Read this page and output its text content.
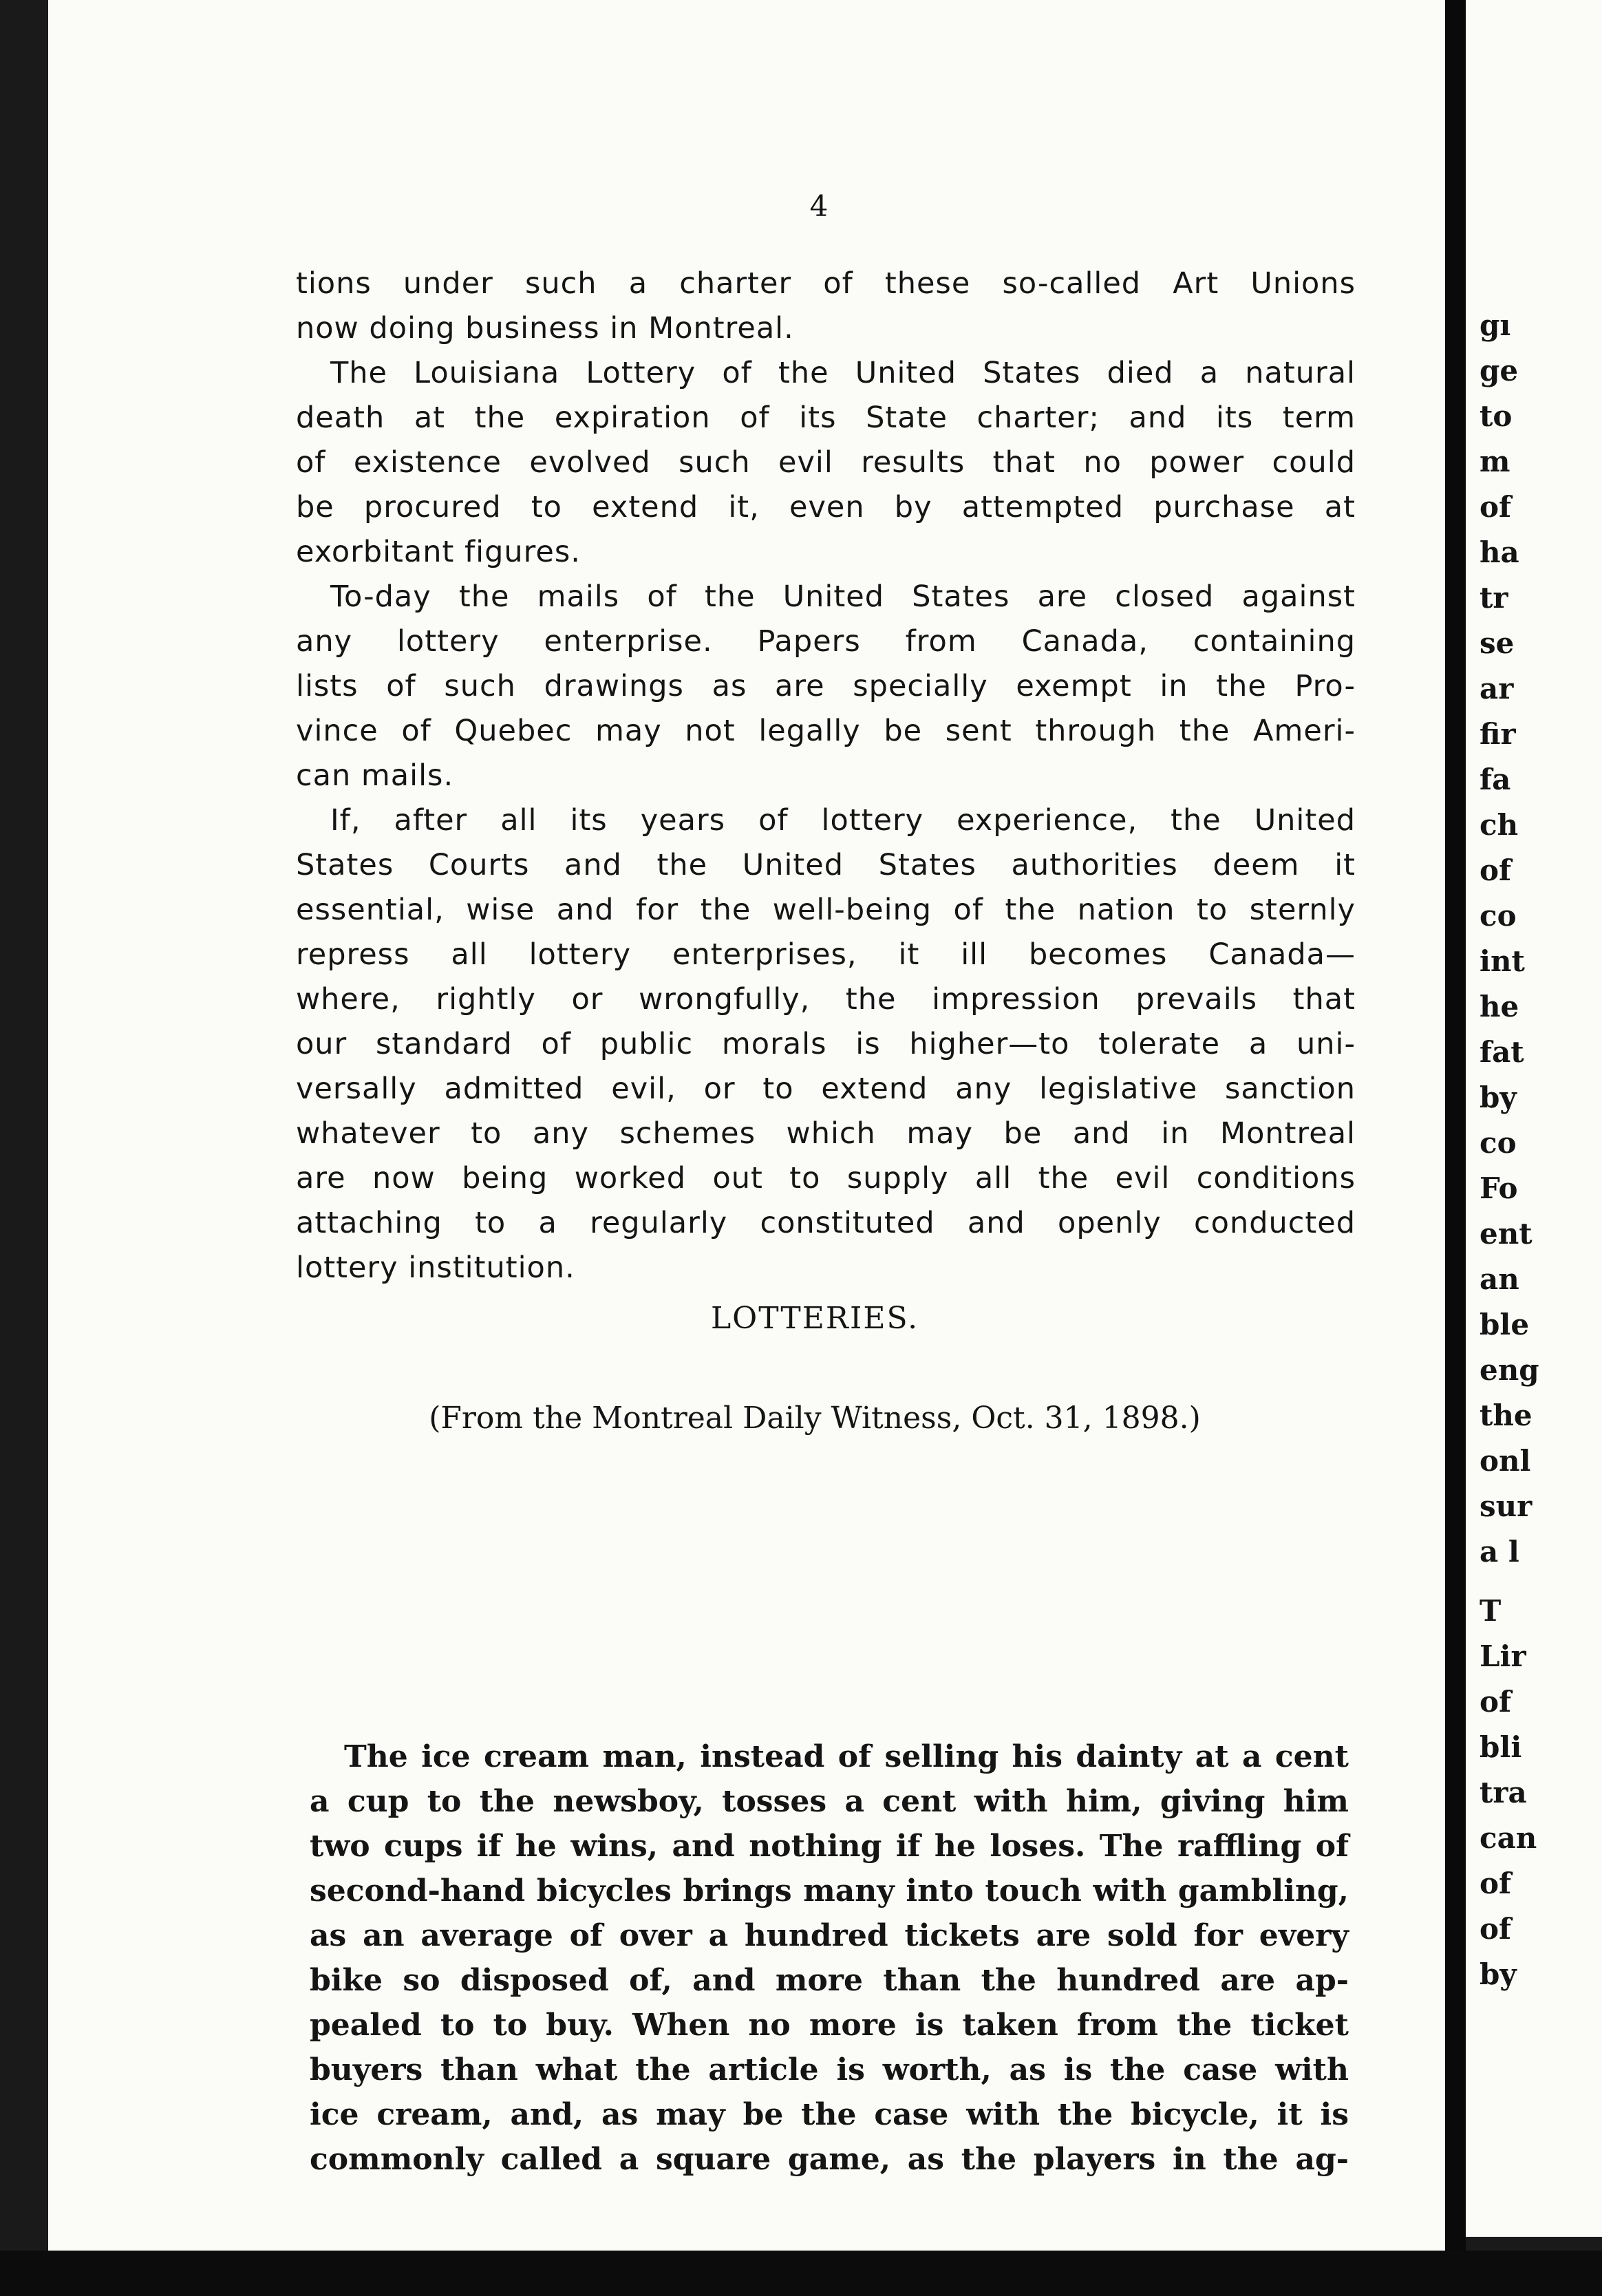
4

tions under such a charter of these so-called Art Unions
now doing business in Montreal.

The Louisiana Lottery of the United States died a natural
death at the expiration of its State charter; and its term
of existence evolved such evil results that no power could
be procured to extend it, even by attempted purchase at
exorbitant figures.

To-day the mails of the United States are closed against
any lottery enterprise. Papers from Canada, containing
lists of such drawings as are specially exempt in the Pro-
vince of Quebec may not legally be sent through the Ameri-
can mails.

If, after all its years of lottery experience, the United
States Courts and the United States authorities deem it
essential, wise and for the well-being of the nation to sternly
repress all lottery enterprises, it ill becomes Canada—
where, rightly or wrongfully, the impression prevails that
our standard of public morals is higher—to tolerate a uni-
versally admitted evil, or to extend any legislative sanction
whatever to any schemes which may be and in Montreal
are now being worked out to supply all the evil conditions
attaching to a regularly constituted and openly conducted
lottery institution.

LOTTERIES.
(From the Montreal Daily Witness, Oct. 31, 1898.)

The ice cream man, instead of selling his dainty at a cent
a cup to the newsboy, tosses a cent with him, giving him
two cups if he wins, and nothing if he loses. The raffling of
second-hand bicycles brings many into touch with gambling,
as an average of over a hundred tickets are sold for every
bike so disposed of, and more than the hundred are ap-
pealed to to buy. When no more is taken from the ticket
buyers than what the article is worth, as is the case with
ice cream, and, as may be the case with the bicycle, it is
commonly called a square game, as the players in the ag-

gı
ge
to
m
of
ha
tr
se
ar
fir
fa
ch
of
co
int
he
fat
by
co
Fo
ent
an
ble
eng
the
onl
sur
a l
T
Lir
of
bli
tra
can
of
of
by
